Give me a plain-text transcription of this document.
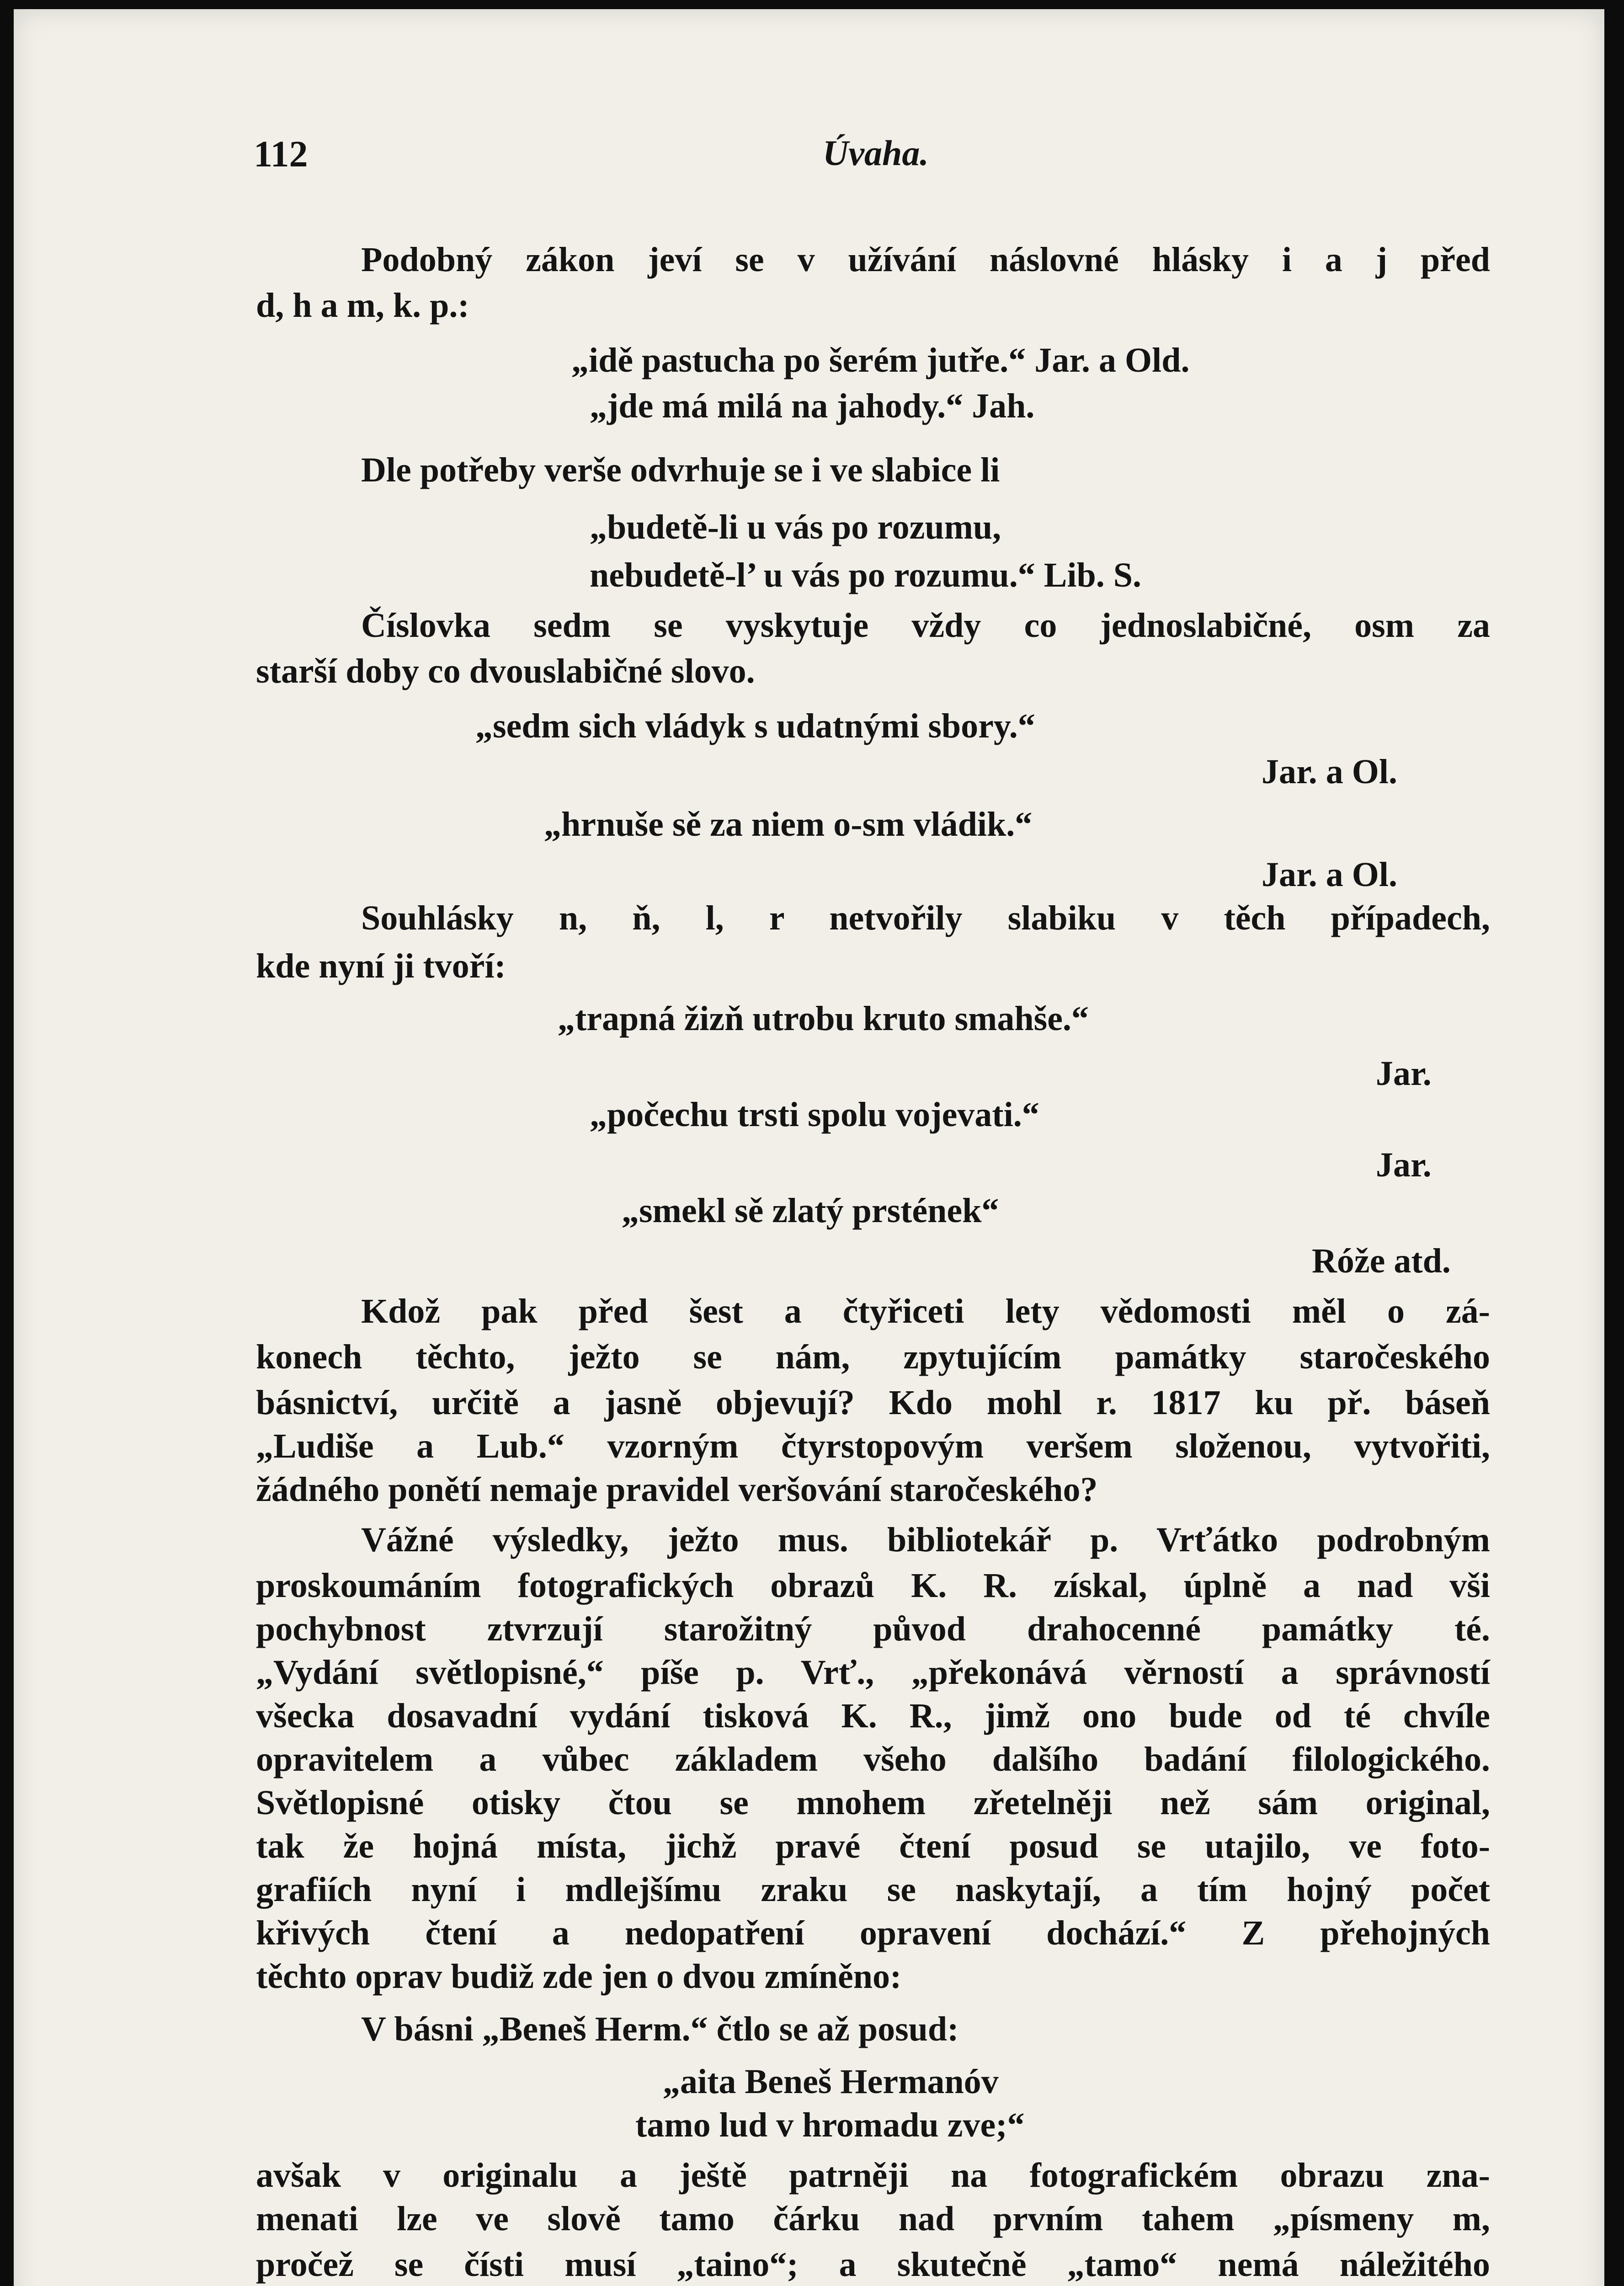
112	Úvaha.
Podobný zákon jeví se v užívání náslovné hlásky i a j před
d, h a m, k. p.:
„idě pastucha po šerém jutře.“ Jar. a Old.
„jde má milá na jahody.“ Jah.
Dle potřeby verše odvrhuje se i ve slabice li
„budetě-li u vás po rozumu,
nebudetě-l’ u vás po rozumu.“ Lib. S.
Číslovka sedm se vyskytuje vždy co jednoslabičné, osm za
starší doby co dvouslabičné slovo.
„sedm sich vládyk s udatnými sbory.“
Jar. a Ol.
„hrnuše sě za niem o-sm vládik.“
Jar. a Ol.
Souhlásky n, ň, l, r netvořily slabiku v těch případech,
kde nyní ji tvoří:
„trapná žizň utrobu kruto smahše.“
Jar.
„počechu trsti spolu vojevati.“
Jar.
„smekl sě zlatý prstének“
Róže atd.
Kdož pak před šest a čtyřiceti lety vědomosti měl o zá-
konech těchto, ježto se nám, zpytujícím památky staročeského
básnictví, určitě a jasně objevují? Kdo mohl r. 1817 ku př. báseň
„Ludiše a Lub.“ vzorným čtyrstopovým veršem složenou, vytvořiti,
žádného ponětí nemaje pravidel veršování staročeského?
Vážné výsledky, ježto mus. bibliotekář p. Vrťátko podrobným
proskoumáním fotografických obrazů K. R. získal, úplně a nad vši
pochybnost ztvrzují starožitný původ drahocenné památky té.
„Vydání světlopisné,“ píše p. Vrť., „překonává věrností a správností
všecka dosavadní vydání tisková K. R., jimž ono bude od té chvíle
opravitelem a vůbec základem všeho dalšího badání filologického.
Světlopisné otisky čtou se mnohem zřetelněji než sám original,
tak že hojná místa, jichž pravé čtení posud se utajilo, ve foto-
grafiích nyní i mdlejšímu zraku se naskytají, a tím hojný počet
křivých čtení a nedopatření opravení dochází.“ Z přehojných
těchto oprav budiž zde jen o dvou zmíněno:
V básni „Beneš Herm.“ čtlo se až posud:
„aita Beneš Hermanóv
tamo lud v hromadu zve;“
avšak v originalu a ještě patrněji na fotografickém obrazu zna-
menati lze ve slově tamo čárku nad prvním tahem „písmeny m,
pročež se čísti musí „taino“; a skutečně „tamo“ nemá náležitého
